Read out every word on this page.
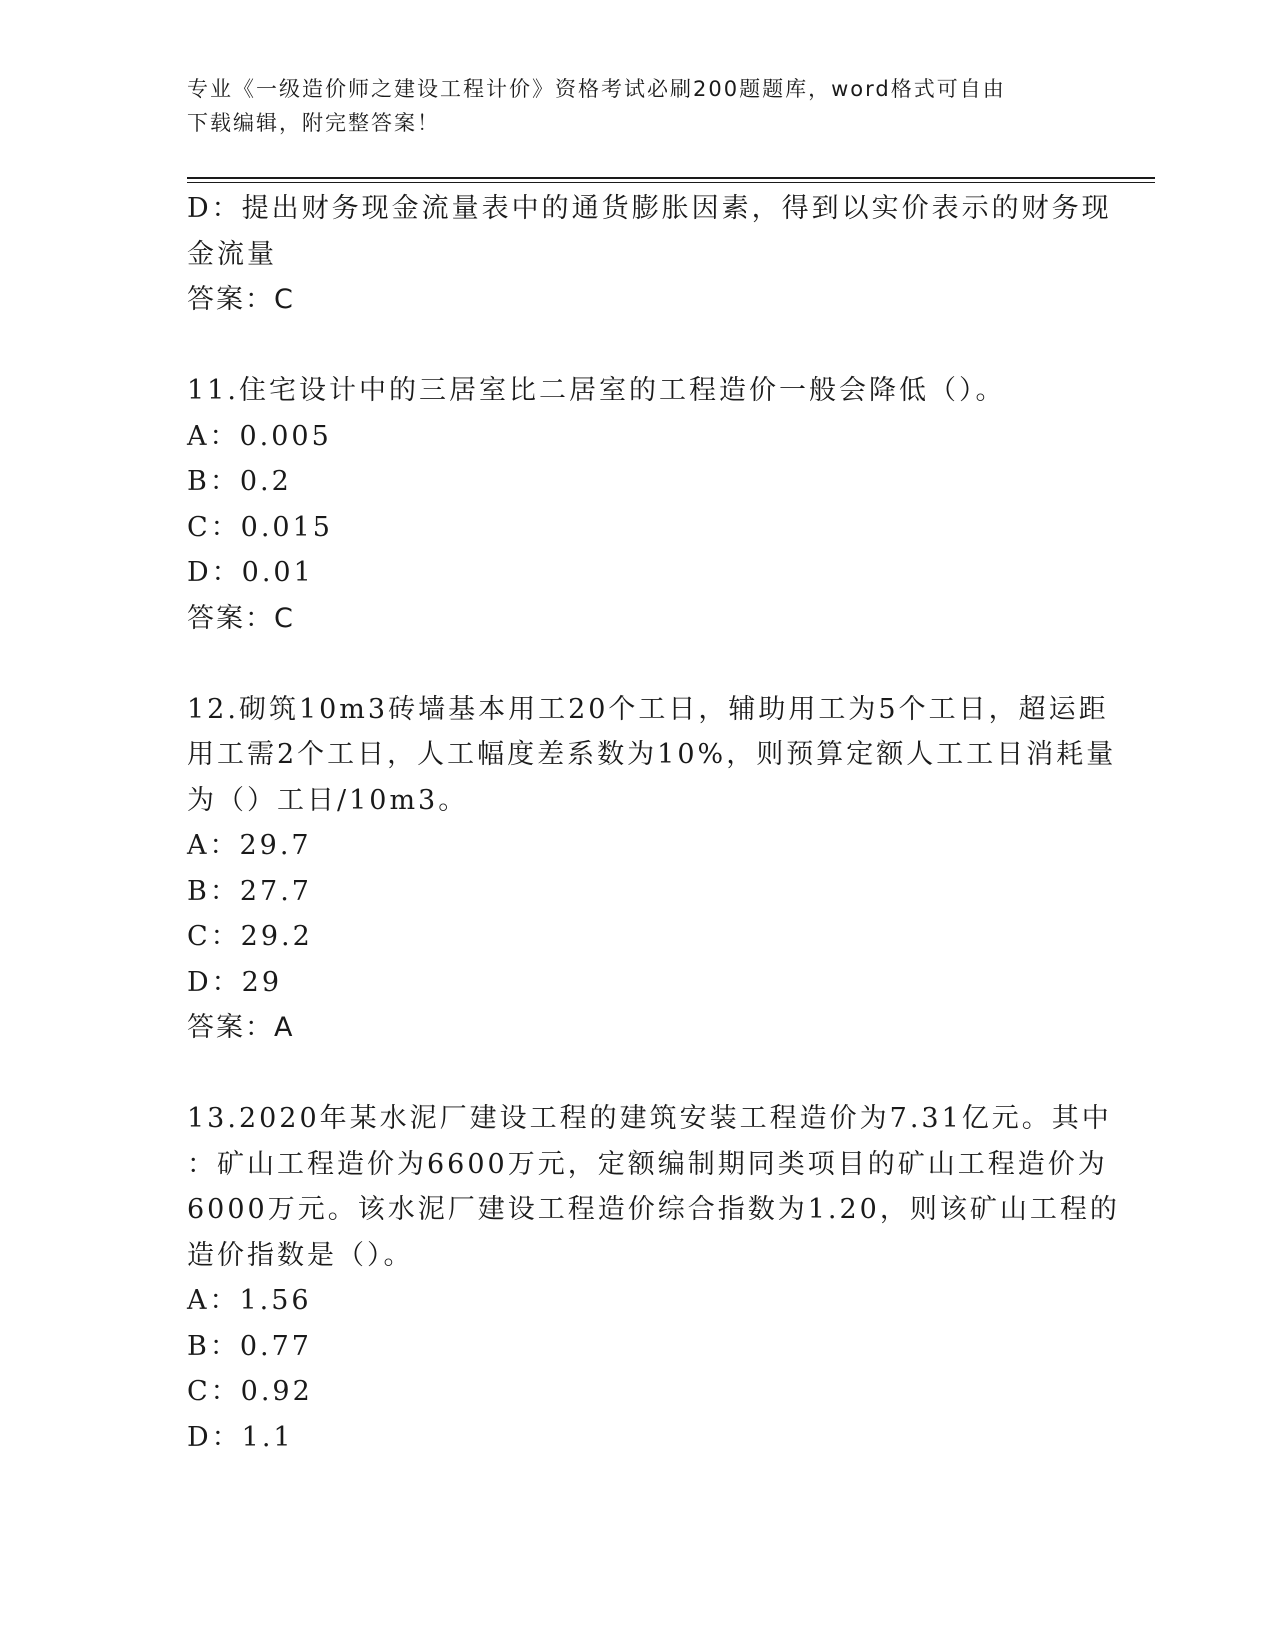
专业《一级造价师之建设工程计价》资格考试必刷200题题库，word格式可自由
下载编辑，附完整答案！
D：提出财务现金流量表中的通货膨胀因素，得到以实价表示的财务现
金流量
答案：C
11.住宅设计中的三居室比二居室的工程造价一般会降低（）。
A：0.005
B：0.2
C：0.015
D：0.01
答案：C
12.砌筑10m3砖墙基本用工20个工日，辅助用工为5个工日，超运距
用工需2个工日，人工幅度差系数为10%，则预算定额人工工日消耗量
为（）工日/10m3。
A：29.7
B：27.7
C：29.2
D：29
答案：A
13.2020年某水泥厂建设工程的建筑安装工程造价为7.31亿元。其中
：矿山工程造价为6600万元，定额编制期同类项目的矿山工程造价为
6000万元。该水泥厂建设工程造价综合指数为1.20，则该矿山工程的
造价指数是（）。
A：1.56
B：0.77
C：0.92
D：1.1
